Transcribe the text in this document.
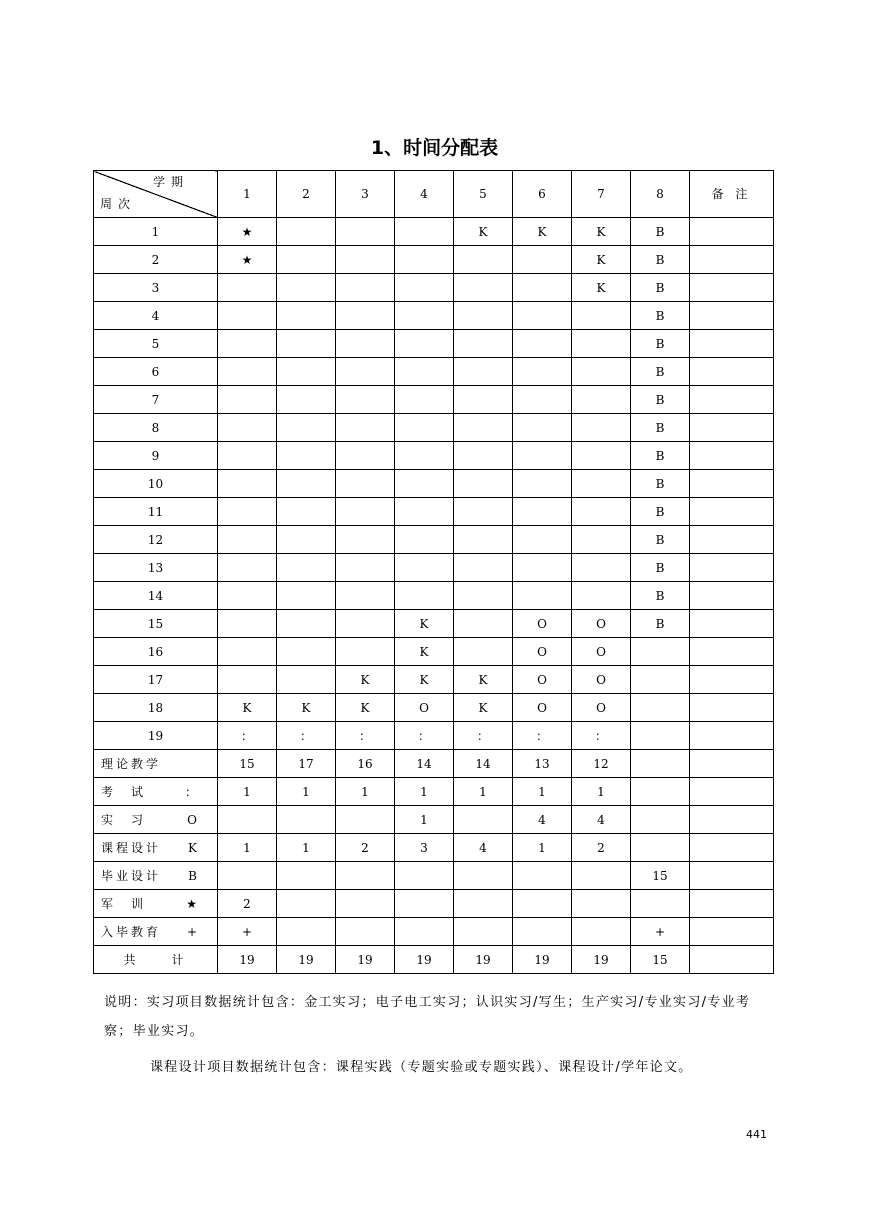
1、时间分配表
学期
周次	1	2	3	4	5	6	7	8	备 注
1	★				K	K	K	B	
2	★						K	B	
3							K	B	
4								B	
5								B	
6								B	
7								B	
8								B	
9								B	
10								B	
11								B	
12								B	
13								B	
14								B	
15				K		O	O	B	
16				K		O	O		
17			K	K	K	O	O		
18	K	K	K	O	K	O	O		
19	：	：	：	：	：	：	：		
理论教学	15	17	16	14	14	13	12		
考　试 ：	1	1	1	1	1	1	1		
实　习 O				1		4	4		
课程设计 K	1	1	2	3	4	1	2		
毕业设计 B								15	
军　训 ★	2								
入毕教育 +	+							+	
共　　计	19	19	19	19	19	19	19	15	
说明：实习项目数据统计包含：金工实习；电子电工实习；认识实习/写生；生产实习/专业实习/专业考察；毕业实习。
课程设计项目数据统计包含：课程实践（专题实验或专题实践）、课程设计/学年论文。
441
